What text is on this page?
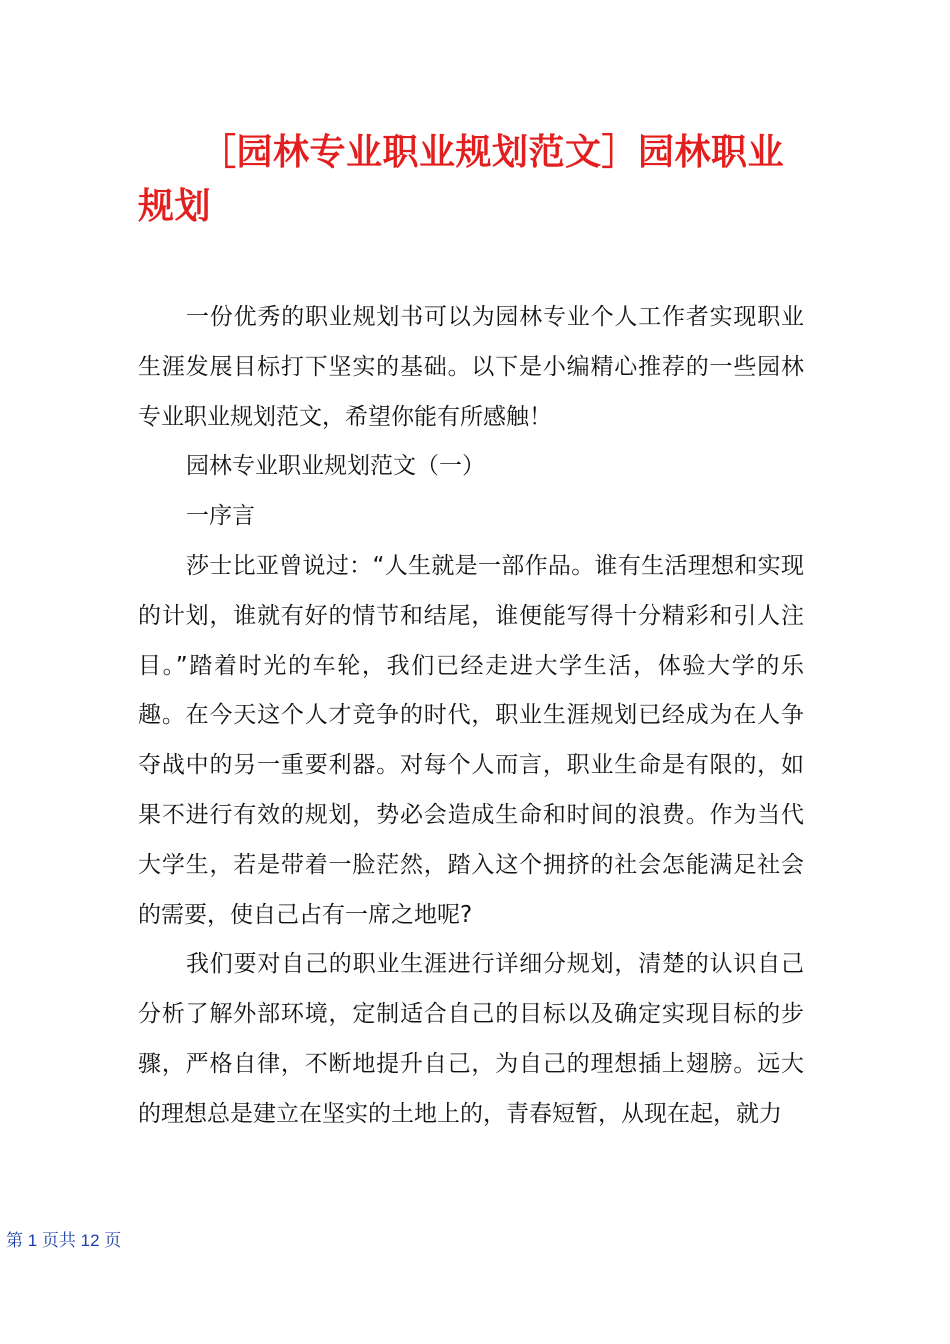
［园林专业职业规划范文］园林职业规划

一份优秀的职业规划书可以为园林专业个人工作者实现职业生涯发展目标打下坚实的基础。以下是小编精心推荐的一些园林专业职业规划范文，希望你能有所感触！

园林专业职业规划范文（一）

一序言

莎士比亚曾说过：“人生就是一部作品。谁有生活理想和实现的计划，谁就有好的情节和结尾，谁便能写得十分精彩和引人注目。”踏着时光的车轮，我们已经走进大学生活，体验大学的乐趣。在今天这个人才竞争的时代，职业生涯规划已经成为在人争夺战中的另一重要利器。对每个人而言，职业生命是有限的，如果不进行有效的规划，势必会造成生命和时间的浪费。作为当代大学生，若是带着一脸茫然，踏入这个拥挤的社会怎能满足社会的需要，使自己占有一席之地呢?

我们要对自己的职业生涯进行详细分规划，清楚的认识自己分析了解外部环境，定制适合自己的目标以及确定实现目标的步骤，严格自律，不断地提升自己，为自己的理想插上翅膀。远大的理想总是建立在坚实的土地上的，青春短暂，从现在起，就力

第 1 页共 12 页
